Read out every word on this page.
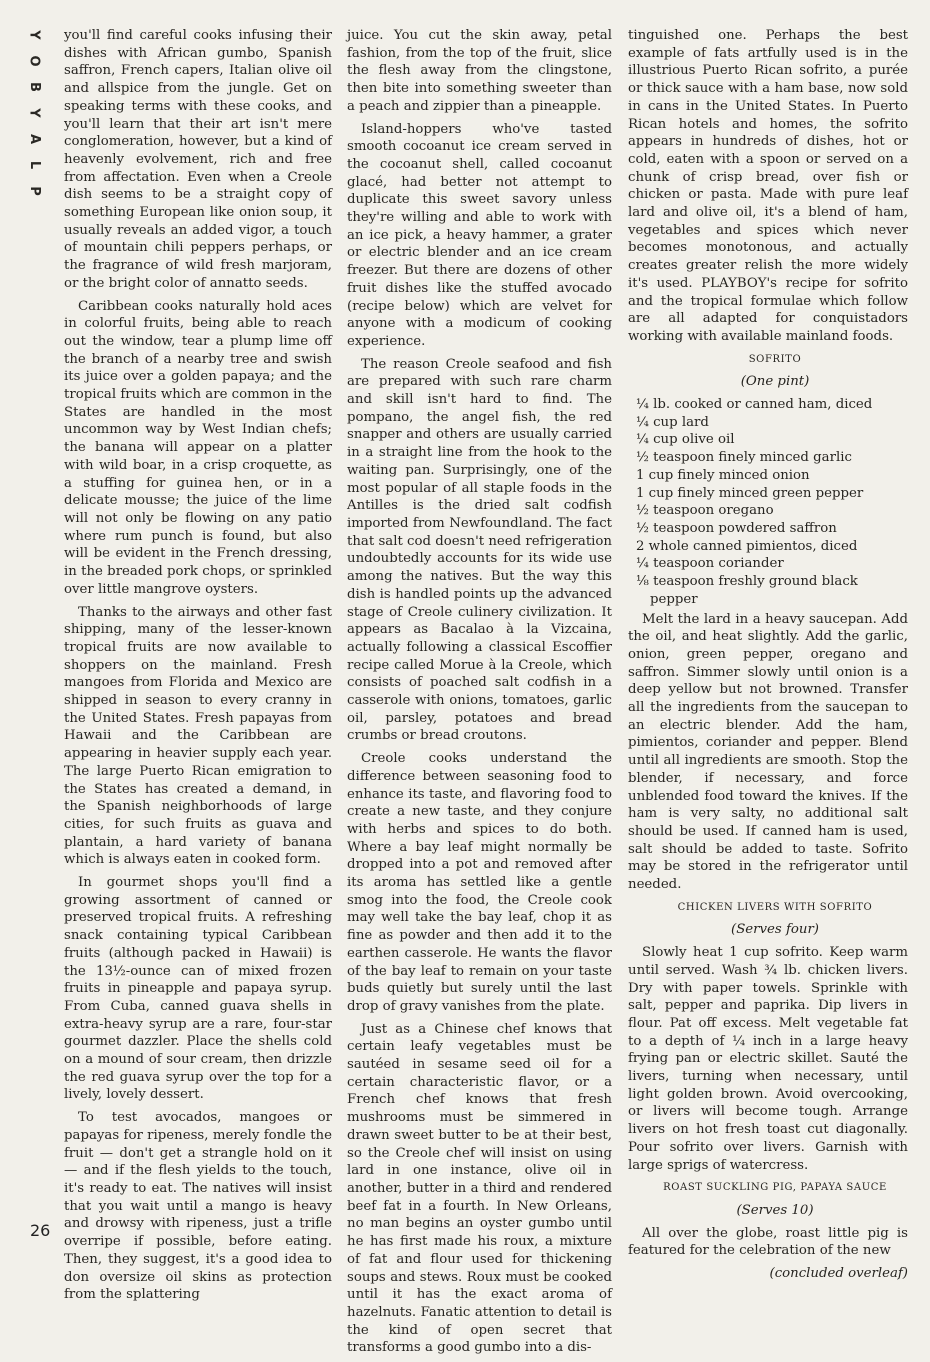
Y
O
B
Y
A
L
P
26

you'll find careful cooks infusing their dishes with African gumbo, Spanish saffron, French capers, Italian olive oil and allspice from the jungle. Get on speaking terms with these cooks, and you'll learn that their art isn't mere conglomeration, however, but a kind of heavenly evolvement, rich and free from affectation. Even when a Creole dish seems to be a straight copy of something European like onion soup, it usually reveals an added vigor, a touch of mountain chili peppers perhaps, or the fragrance of wild fresh marjoram, or the bright color of annatto seeds.

Caribbean cooks naturally hold aces in colorful fruits, being able to reach out the window, tear a plump lime off the branch of a nearby tree and swish its juice over a golden papaya; and the tropical fruits which are common in the States are handled in the most uncommon way by West Indian chefs; the banana will appear on a platter with wild boar, in a crisp croquette, as a stuffing for guinea hen, or in a delicate mousse; the juice of the lime will not only be flowing on any patio where rum punch is found, but also will be evident in the French dressing, in the breaded pork chops, or sprinkled over little mangrove oysters.

Thanks to the airways and other fast shipping, many of the lesser-known tropical fruits are now available to shoppers on the mainland. Fresh mangoes from Florida and Mexico are shipped in season to every cranny in the United States. Fresh papayas from Hawaii and the Caribbean are appearing in heavier supply each year. The large Puerto Rican emigration to the States has created a demand, in the Spanish neighborhoods of large cities, for such fruits as guava and plantain, a hard variety of banana which is always eaten in cooked form.

In gourmet shops you'll find a growing assortment of canned or preserved tropical fruits. A refreshing snack containing typical Caribbean fruits (although packed in Hawaii) is the 13½-ounce can of mixed frozen fruits in pineapple and papaya syrup. From Cuba, canned guava shells in extra-heavy syrup are a rare, four-star gourmet dazzler. Place the shells cold on a mound of sour cream, then drizzle the red guava syrup over the top for a lively, lovely dessert.

To test avocados, mangoes or papayas for ripeness, merely fondle the fruit — don't get a strangle hold on it — and if the flesh yields to the touch, it's ready to eat. The natives will insist that you wait until a mango is heavy and drowsy with ripeness, just a trifle overripe if possible, before eating. Then, they suggest, it's a good idea to don oversize oil skins as protection from the splattering

juice. You cut the skin away, petal fashion, from the top of the fruit, slice the flesh away from the clingstone, then bite into something sweeter than a peach and zippier than a pineapple.

Island-hoppers who've tasted smooth cocoanut ice cream served in the cocoanut shell, called cocoanut glacé, had better not attempt to duplicate this sweet savory unless they're willing and able to work with an ice pick, a heavy hammer, a grater or electric blender and an ice cream freezer. But there are dozens of other fruit dishes like the stuffed avocado (recipe below) which are velvet for anyone with a modicum of cooking experience.

The reason Creole seafood and fish are prepared with such rare charm and skill isn't hard to find. The pompano, the angel fish, the red snapper and others are usually carried in a straight line from the hook to the waiting pan. Surprisingly, one of the most popular of all staple foods in the Antilles is the dried salt codfish imported from Newfoundland. The fact that salt cod doesn't need refrigeration undoubtedly accounts for its wide use among the natives. But the way this dish is handled points up the advanced stage of Creole culinery civilization. It appears as Bacalao à la Vizcaina, actually following a classical Escoffier recipe called Morue à la Creole, which consists of poached salt codfish in a casserole with onions, tomatoes, garlic oil, parsley, potatoes and bread crumbs or bread croutons.

Creole cooks understand the difference between seasoning food to enhance its taste, and flavoring food to create a new taste, and they conjure with herbs and spices to do both. Where a bay leaf might normally be dropped into a pot and removed after its aroma has settled like a gentle smog into the food, the Creole cook may well take the bay leaf, chop it as fine as powder and then add it to the earthen casserole. He wants the flavor of the bay leaf to remain on your taste buds quietly but surely until the last drop of gravy vanishes from the plate.

Just as a Chinese chef knows that certain leafy vegetables must be sautéed in sesame seed oil for a certain characteristic flavor, or a French chef knows that fresh mushrooms must be simmered in drawn sweet butter to be at their best, so the Creole chef will insist on using lard in one instance, olive oil in another, butter in a third and rendered beef fat in a fourth. In New Orleans, no man begins an oyster gumbo until he has first made his roux, a mixture of fat and flour used for thickening soups and stews. Roux must be cooked until it has the exact aroma of hazelnuts. Fanatic attention to detail is the kind of open secret that transforms a good gumbo into a dis-

tinguished one. Perhaps the best example of fats artfully used is in the illustrious Puerto Rican sofrito, a purée or thick sauce with a ham base, now sold in cans in the United States. In Puerto Rican hotels and homes, the sofrito appears in hundreds of dishes, hot or cold, eaten with a spoon or served on a chunk of crisp bread, over fish or chicken or pasta. Made with pure leaf lard and olive oil, it's a blend of ham, vegetables and spices which never becomes monotonous, and actually creates greater relish the more widely it's used. PLAYBOY's recipe for sofrito and the tropical formulae which follow are all adapted for conquistadors working with available mainland foods.

SOFRITO

(One pint)

¼ lb. cooked or canned ham, diced
¼ cup lard
¼ cup olive oil
½ teaspoon finely minced garlic
1 cup finely minced onion
1 cup finely minced green pepper
½ teaspoon oregano
½ teaspoon powdered saffron
2 whole canned pimientos, diced
¼ teaspoon coriander
⅛ teaspoon freshly ground black pepper

Melt the lard in a heavy saucepan. Add the oil, and heat slightly. Add the garlic, onion, green pepper, oregano and saffron. Simmer slowly until onion is a deep yellow but not browned. Transfer all the ingredients from the saucepan to an electric blender. Add the ham, pimientos, coriander and pepper. Blend until all ingredients are smooth. Stop the blender, if necessary, and force unblended food toward the knives. If the ham is very salty, no additional salt should be used. If canned ham is used, salt should be added to taste. Sofrito may be stored in the refrigerator until needed.

CHICKEN LIVERS WITH SOFRITO

(Serves four)

Slowly heat 1 cup sofrito. Keep warm until served. Wash ¾ lb. chicken livers. Dry with paper towels. Sprinkle with salt, pepper and paprika. Dip livers in flour. Pat off excess. Melt vegetable fat to a depth of ¼ inch in a large heavy frying pan or electric skillet. Sauté the livers, turning when necessary, until light golden brown. Avoid overcooking, or livers will become tough. Arrange livers on hot fresh toast cut diagonally. Pour sofrito over livers. Garnish with large sprigs of watercress.

ROAST SUCKLING PIG, PAPAYA SAUCE

(Serves 10)

All over the globe, roast little pig is featured for the celebration of the new

(concluded overleaf)
